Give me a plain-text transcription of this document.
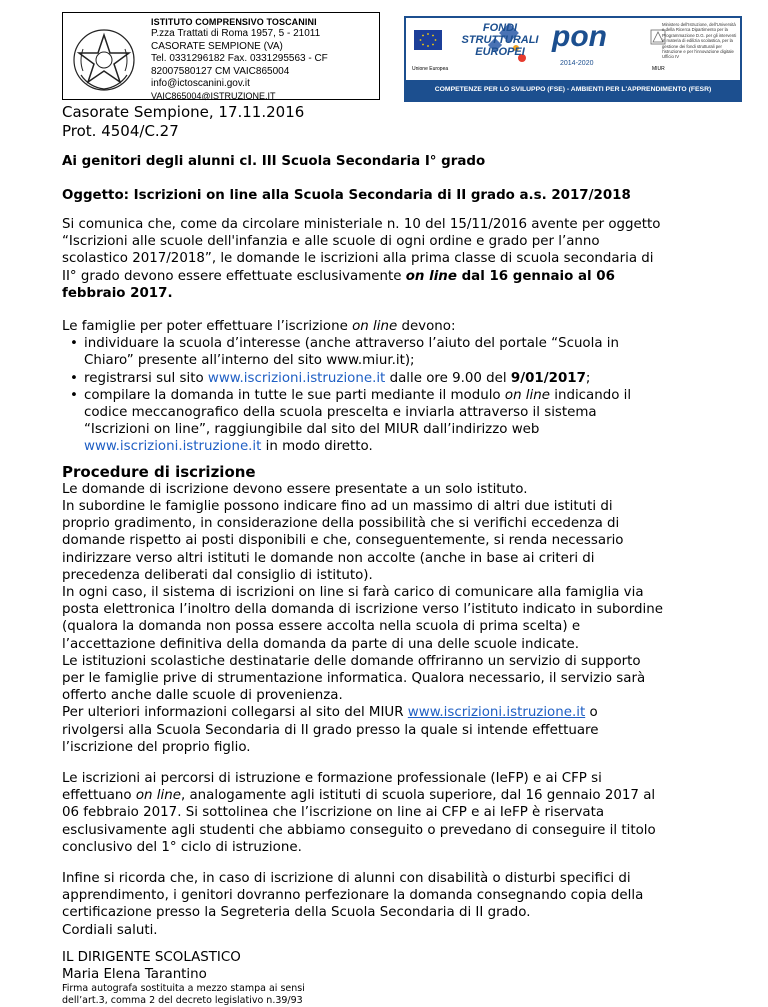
ISTITUTO COMPRENSIVO TOSCANINI
P.zza Trattati di Roma 1957, 5 - 21011
CASORATE SEMPIONE (VA)
Tel. 0331296182 Fax. 0331295563 - CF
82007580127 CM VAIC865004
info@ictoscanini.gov.it
VAIC865004@ISTRUZIONE.IT
COMPETENZE PER LO SVILUPPO (FSE) - AMBIENTI PER L'APPRENDIMENTO (FESR)
Unione Europea
FONDI
STRUTTURALI
EUROPEI pon
2014-2020
Ministero dell'Istruzione, dell'Università e della Ricerca Dipartimento per la Programmazione D.G. per gli interventi in materia di edilizia scolastica, per la gestione dei fondi strutturali per l'istruzione e per l'innovazione digitale Ufficio IV
MIUR
Casorate Sempione, 17.11.2016
Prot. 4504/C.27
Ai genitori degli alunni cl. III Scuola Secondaria I° grado
Oggetto: Iscrizioni on line alla Scuola Secondaria di II grado a.s. 2017/2018
Si comunica che, come da circolare ministeriale n. 10 del 15/11/2016 avente per oggetto
“Iscrizioni alle scuole dell'infanzia e alle scuole di ogni ordine e grado per l’anno
scolastico 2017/2018”, le domande le iscrizioni alla prima classe di scuola secondaria di
II° grado devono essere effettuate esclusivamente on line dal 16 gennaio al 06
febbraio 2017.
Le famiglie per poter effettuare l’iscrizione on line devono:
• individuare la scuola d’interesse (anche attraverso l’aiuto del portale “Scuola in
Chiaro” presente all’interno del sito www.miur.it);
• registrarsi sul sito www.iscrizioni.istruzione.it dalle ore 9.00 del 9/01/2017;
• compilare la domanda in tutte le sue parti mediante il modulo on line indicando il
codice meccanografico della scuola prescelta e inviarla attraverso il sistema
“Iscrizioni on line”, raggiungibile dal sito del MIUR dall’indirizzo web
www.iscrizioni.istruzione.it in modo diretto.
Procedure di iscrizione
Le domande di iscrizione devono essere presentate a un solo istituto.
In subordine le famiglie possono indicare fino ad un massimo di altri due istituti di
proprio gradimento, in considerazione della possibilità che si verifichi eccedenza di
domande rispetto ai posti disponibili e che, conseguentemente, si renda necessario
indirizzare verso altri istituti le domande non accolte (anche in base ai criteri di
precedenza deliberati dal consiglio di istituto).
In ogni caso, il sistema di iscrizioni on line si farà carico di comunicare alla famiglia via
posta elettronica l’inoltro della domanda di iscrizione verso l’istituto indicato in subordine
(qualora la domanda non possa essere accolta nella scuola di prima scelta) e
l’accettazione definitiva della domanda da parte di una delle scuole indicate.
Le istituzioni scolastiche destinatarie delle domande offriranno un servizio di supporto
per le famiglie prive di strumentazione informatica. Qualora necessario, il servizio sarà
offerto anche dalle scuole di provenienza.
Per ulteriori informazioni collegarsi al sito del MIUR www.iscrizioni.istruzione.it o
rivolgersi alla Scuola Secondaria di II grado presso la quale si intende effettuare
l’iscrizione del proprio figlio.
Le iscrizioni ai percorsi di istruzione e formazione professionale (IeFP) e ai CFP si
effettuano on line, analogamente agli istituti di scuola superiore, dal 16 gennaio 2017 al
06 febbraio 2017. Si sottolinea che l’iscrizione on line ai CFP e ai IeFP è riservata
esclusivamente agli studenti che abbiamo conseguito o prevedano di conseguire il titolo
conclusivo del 1° ciclo di istruzione.
Infine si ricorda che, in caso di iscrizione di alunni con disabilità o disturbi specifici di
apprendimento, i genitori dovranno perfezionare la domanda consegnando copia della
certificazione presso la Segreteria della Scuola Secondaria di II grado.
Cordiali saluti.
IL DIRIGENTE SCOLASTICO
Maria Elena Tarantino
Firma autografa sostituita a mezzo stampa ai sensi
dell’art.3, comma 2 del decreto legislativo n.39/93
